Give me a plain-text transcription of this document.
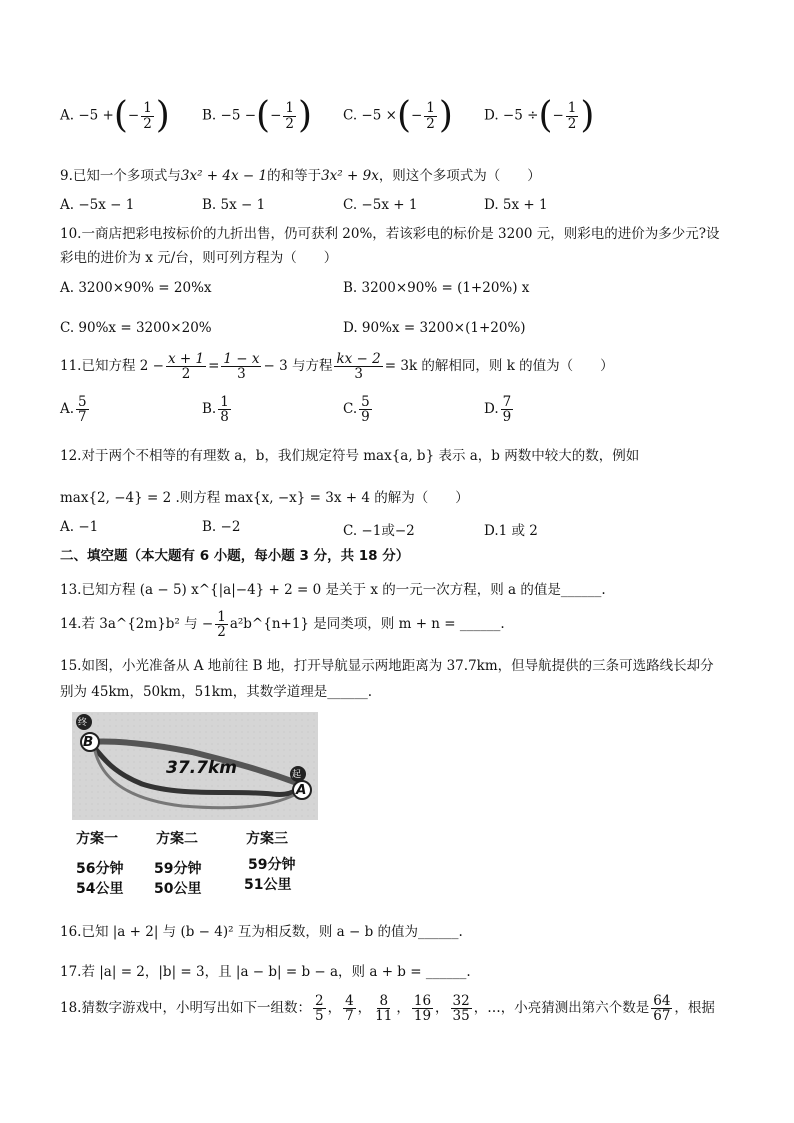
A. −5 +(− $\frac{1}{2}$ ) B. −5 −(− $\frac{1}{2}$ ) C. −5 ×(− $\frac{1}{2}$ ) D. −5 ÷(− $\frac{1}{2}$ )
9.已知一个多项式与3x² + 4x − 1的和等于3x² + 9x，则这个多项式为（　　）
A. −5x − 1	B. 5x − 1	C. −5x + 1	D. 5x + 1
10.一商店把彩电按标价的九折出售，仍可获利 20%，若该彩电的标价是 3200 元，则彩电的进价为多少元?设
彩电的进价为 x 元/台，则可列方程为（　　）
A. 3200×90% = 20%x	B. 3200×90% = (1+20%) x
C. 90%x = 3200×20%	D. 90%x = 3200×(1+20%)
11.已知方程 $2 - \frac{x + 1}{2} = \frac{1 - x}{3} - 3$ 与方程 $\frac{kx - 2}{3} = 3k$ 的解相同，则 k 的值为（　　）
A. $\frac{5}{7}$	B. $\frac{1}{8}$	C. $\frac{5}{9}$	D. $\frac{7}{9}$
12.对于两个不相等的有理数 a，b，我们规定符号 max{a, b} 表示 a，b 两数中较大的数，例如
max{2, −4} = 2 .则方程 max{x, −x} = 3x + 4 的解为（　　）
A. −1	B. −2	C. −1或−2	D.1 或 2
二、填空题（本大题有 6 小题，每小题 3 分，共 18 分）
13.已知方程 (a − 5) x^{|a|−4} + 2 = 0 是关于 x 的一元一次方程，则 a 的值是______.
14.若 3a^{2m}b² 与 − $\frac{1}{2}$ a²b^{n+1} 是同类项，则 m + n = ______.
15.如图，小光准备从 A 地前往 B 地，打开导航显示两地距离为 37.7km，但导航提供的三条可选路线长却分
别为 45km，50km，51km，其数学道理是______.
B
A
终
起
37.7km
方案一	方案二	方案三
56分钟 59分钟	59分钟
54公里 50公里	51公里
16.已知 |a + 2| 与 (b − 4)² 互为相反数，则 a − b 的值为______.
17.若 |a| = 2，|b| = 3，且 |a − b| = b − a，则 a + b = ______.
18.猜数字游戏中，小明写出如下一组数： $\frac{2}{5}$ ， $\frac{4}{7}$ ， $\frac{8}{11}$ ， $\frac{16}{19}$ ， $\frac{32}{35}$ ，…，小亮猜测出第六个数是 $\frac{64}{67}$ ，根据
